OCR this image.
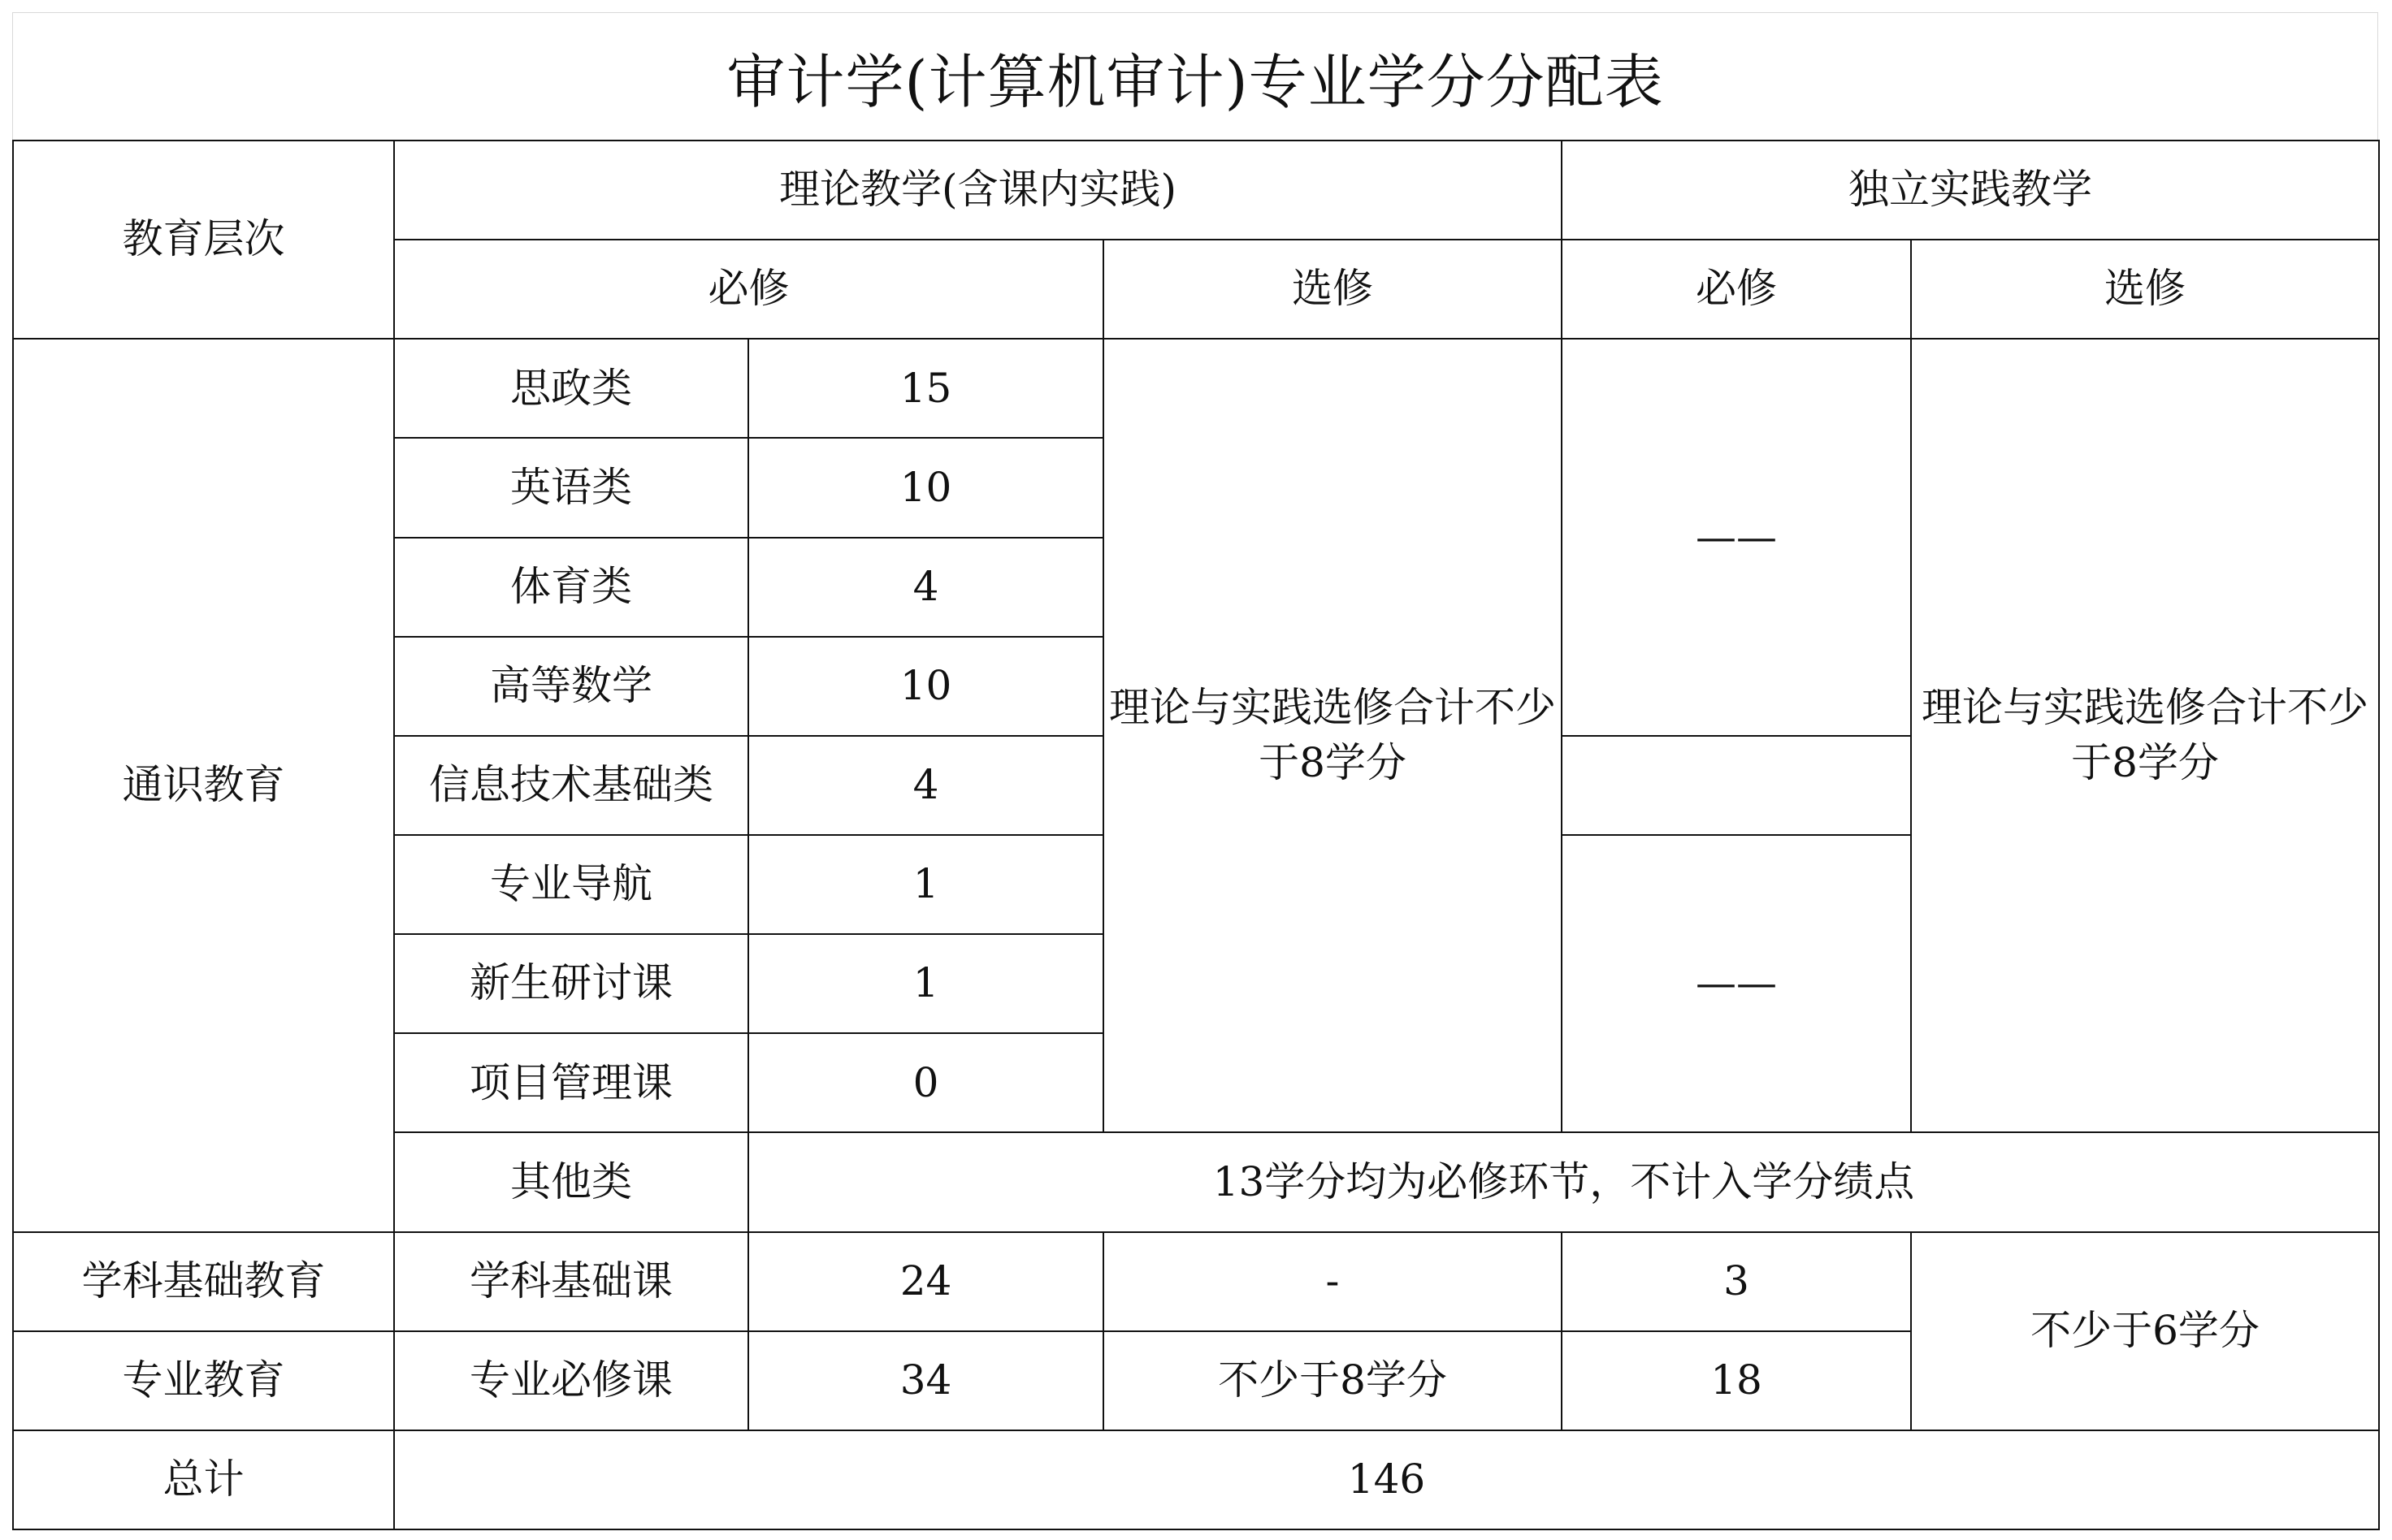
审计学(计算机审计)专业学分分配表
教育层次	理论教学(含课内实践)			独立实践教学	
	必修		选修	必修	选修
通识教育	思政类	15	理论与实践选修合计不少于8学分	——	理论与实践选修合计不少于8学分
	英语类	10			
	体育类	4			
	高等数学	10			
	信息技术基础类	4			
	专业导航	1		——	
	新生研讨课	1			
	项目管理课	0			
	其他类	13学分均为必修环节，不计入学分绩点			
学科基础教育	学科基础课	24	-	3	不少于6学分
专业教育	专业必修课	34	不少于8学分	18	
总计	146				
